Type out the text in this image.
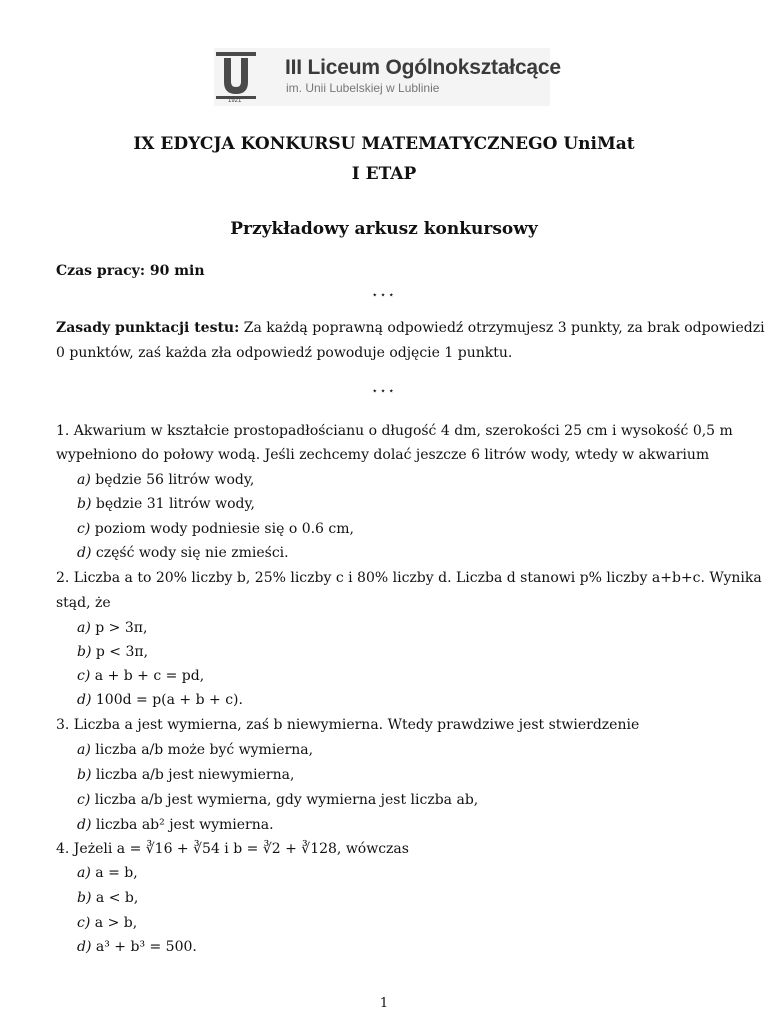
1921
III Liceum Ogólnokształcące
im. Unii Lubelskiej w Lublinie
IX EDYCJA KONKURSU MATEMATYCZNEGO UniMat
I ETAP
Przykładowy arkusz konkursowy
Czas pracy: 90 min
⋆⋆⋆
Zasady punktacji testu: Za każdą poprawną odpowiedź otrzymujesz 3 punkty, za brak odpowiedzi
0 punktów, zaś każda zła odpowiedź powoduje odjęcie 1 punktu.
⋆⋆⋆
1. Akwarium w kształcie prostopadłościanu o długość 4 dm, szerokości 25 cm i wysokość 0,5 m
wypełniono do połowy wodą. Jeśli zechcemy dolać jeszcze 6 litrów wody, wtedy w akwarium
a) będzie 56 litrów wody,
b) będzie 31 litrów wody,
c) poziom wody podniesie się o 0.6 cm,
d) część wody się nie zmieści.
2. Liczba a to 20% liczby b, 25% liczby c i 80% liczby d. Liczba d stanowi p% liczby a+b+c. Wynika
stąd, że
a) p > 3π,
b) p < 3π,
c) a + b + c = pd,
d) 100d = p(a + b + c).
3. Liczba a jest wymierna, zaś b niewymierna. Wtedy prawdziwe jest stwierdzenie
a) liczba a/b może być wymierna,
b) liczba a/b jest niewymierna,
c) liczba a/b jest wymierna, gdy wymierna jest liczba ab,
d) liczba ab² jest wymierna.
4. Jeżeli a = ∛16 + ∛54 i b = ∛2 + ∛128, wówczas
a) a = b,
b) a < b,
c) a > b,
d) a³ + b³ = 500.
1
